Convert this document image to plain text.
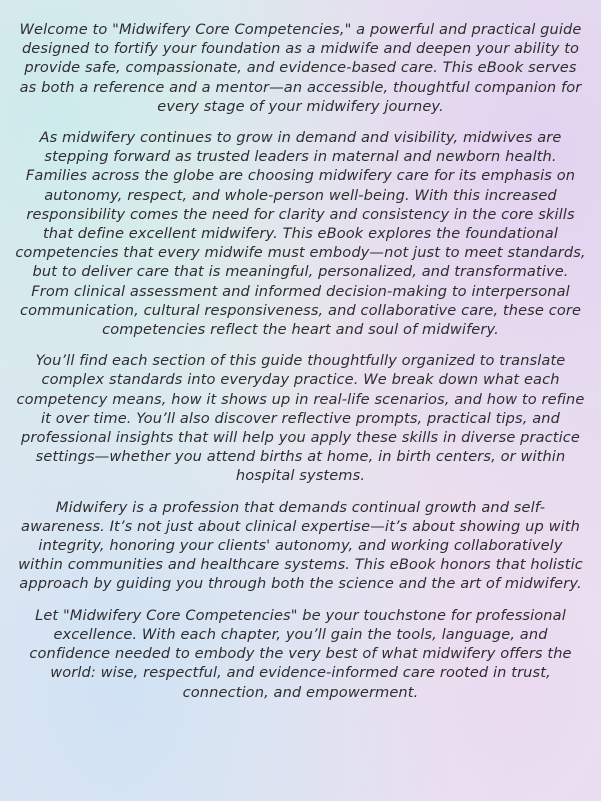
Welcome to "Midwifery Core Competencies," a powerful and practical guide designed to fortify your foundation as a midwife and deepen your ability to provide safe, compassionate, and evidence-based care. This eBook serves as both a reference and a mentor—an accessible, thoughtful companion for every stage of your midwifery journey.

As midwifery continues to grow in demand and visibility, midwives are stepping forward as trusted leaders in maternal and newborn health. Families across the globe are choosing midwifery care for its emphasis on autonomy, respect, and whole-person well-being. With this increased responsibility comes the need for clarity and consistency in the core skills that define excellent midwifery. This eBook explores the foundational competencies that every midwife must embody—not just to meet standards, but to deliver care that is meaningful, personalized, and transformative. From clinical assessment and informed decision-making to interpersonal communication, cultural responsiveness, and collaborative care, these core competencies reflect the heart and soul of midwifery.

You’ll find each section of this guide thoughtfully organized to translate complex standards into everyday practice. We break down what each competency means, how it shows up in real-life scenarios, and how to refine it over time. You’ll also discover reflective prompts, practical tips, and professional insights that will help you apply these skills in diverse practice settings—whether you attend births at home, in birth centers, or within hospital systems.

Midwifery is a profession that demands continual growth and self-awareness. It’s not just about clinical expertise—it’s about showing up with integrity, honoring your clients' autonomy, and working collaboratively within communities and healthcare systems. This eBook honors that holistic approach by guiding you through both the science and the art of midwifery.

Let "Midwifery Core Competencies" be your touchstone for professional excellence. With each chapter, you’ll gain the tools, language, and confidence needed to embody the very best of what midwifery offers the world: wise, respectful, and evidence-informed care rooted in trust, connection, and empowerment.
